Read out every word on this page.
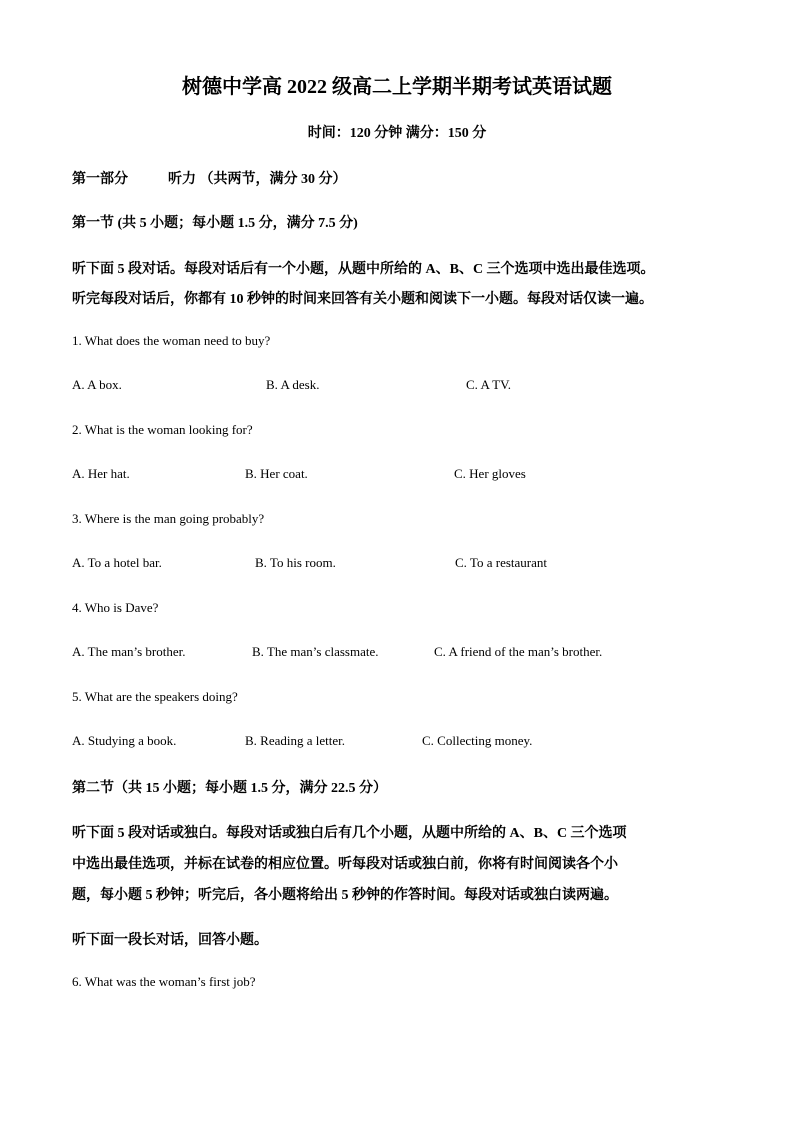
树德中学高 2022 级高二上学期半期考试英语试题
时间：120 分钟 满分：150 分
第一部分	听力 （共两节，满分 30 分）
第一节 (共 5 小题；每小题 1.5 分，满分 7.5 分)
听下面 5 段对话。每段对话后有一个小题，从题中所给的 A、B、C 三个选项中选出最佳选项。
听完每段对话后，你都有 10 秒钟的时间来回答有关小题和阅读下一小题。每段对话仅读一遍。
1. What does the woman need to buy?
A. A box.	B. A desk.	C. A TV.
2. What is the woman looking for?
A. Her hat.	B. Her coat.	C. Her gloves
3. Where is the man going probably?
A. To a hotel bar.	B. To his room.	C. To a restaurant
4. Who is Dave?
A. The man’s brother.	B. The man’s classmate.	C. A friend of the man’s brother.
5. What are the speakers doing?
A. Studying a book.	B. Reading a letter.	C. Collecting money.
第二节（共 15 小题；每小题 1.5 分，满分 22.5 分）
听下面 5 段对话或独白。每段对话或独白后有几个小题，从题中所给的 A、B、C 三个选项
中选出最佳选项，并标在试卷的相应位置。听每段对话或独白前，你将有时间阅读各个小
题，每小题 5 秒钟；听完后，各小题将给出 5 秒钟的作答时间。每段对话或独白读两遍。
听下面一段长对话，回答小题。
6. What was the woman’s first job?
